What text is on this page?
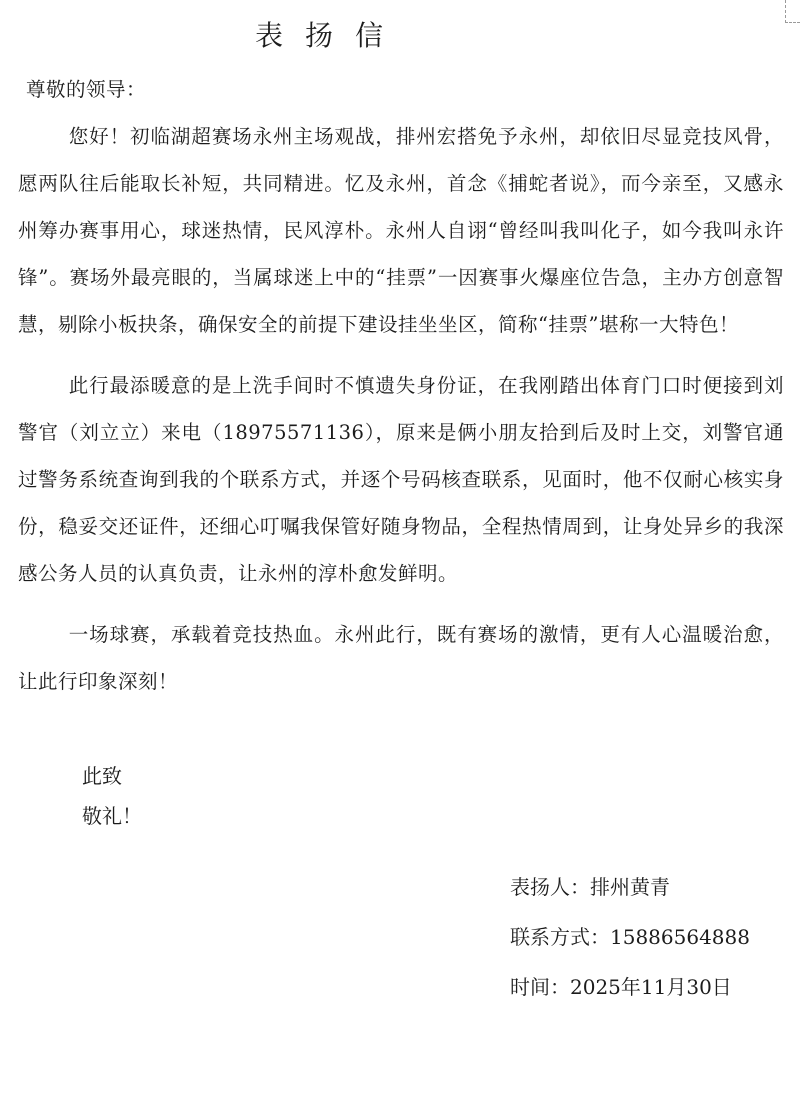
表扬信

尊敬的领导：

您好！初临湖超赛场永州主场观战，排州宏搭免予永州，却依旧尽显竞技风骨，愿两队往后能取长补短，共同精进。忆及永州，首念《捕蛇者说》，而今亲至，又感永州筹办赛事用心，球迷热情，民风淳朴。永州人自诩“曾经叫我叫化子，如今我叫永许锋”。赛场外最亮眼的，当属球迷上中的“挂票”一因赛事火爆座位告急，主办方创意智慧，剔除小板抉条，确保安全的前提下建设挂坐坐区，简称“挂票”堪称一大特色！

此行最添暖意的是上洗手间时不慎遗失身份证，在我刚踏出体育门口时便接到刘警官（刘立立）来电（18975571136），原来是俩小朋友拾到后及时上交，刘警官通过警务系统查询到我的个联系方式，并逐个号码核查联系，见面时，他不仅耐心核实身份，稳妥交还证件，还细心叮嘱我保管好随身物品，全程热情周到，让身处异乡的我深感公务人员的认真负责，让永州的淳朴愈发鲜明。

一场球赛，承载着竞技热血。永州此行，既有赛场的激情，更有人心温暖治愈，让此行印象深刻！

此致
敬礼！
表扬人：排州黄青
联系方式：15886564888
时间：2025年11月30日
